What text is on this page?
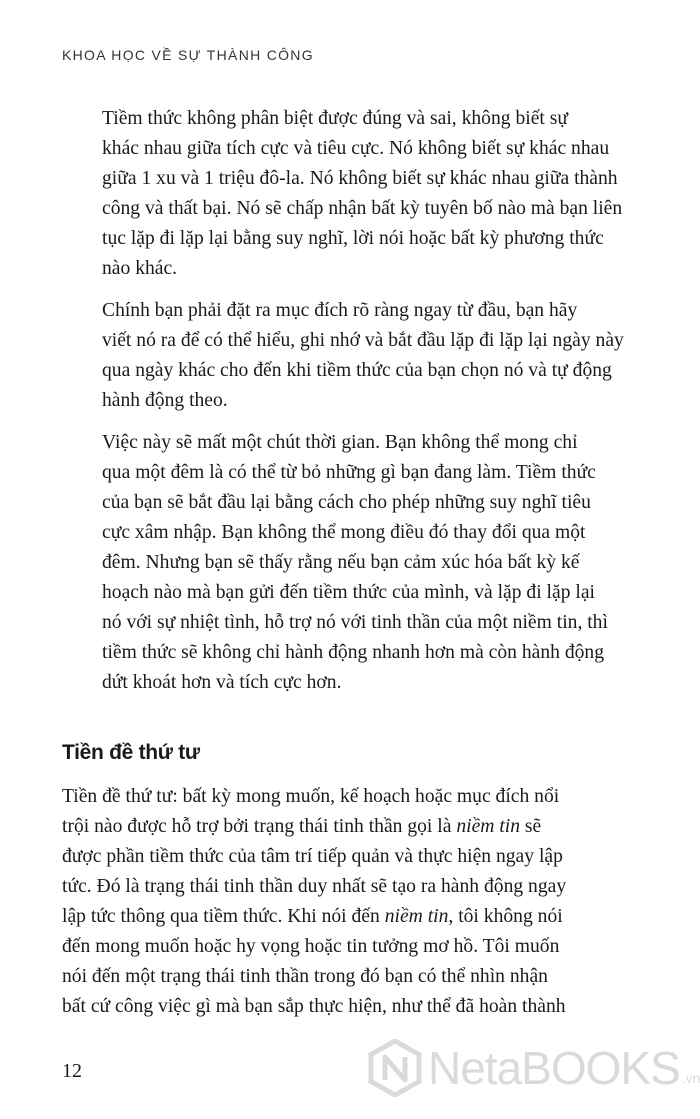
KHOA HỌC VỀ SỰ THÀNH CÔNG

Tiềm thức không phân biệt được đúng và sai, không biết sự
khác nhau giữa tích cực và tiêu cực. Nó không biết sự khác nhau
giữa 1 xu và 1 triệu đô-la. Nó không biết sự khác nhau giữa thành
công và thất bại. Nó sẽ chấp nhận bất kỳ tuyên bố nào mà bạn liên
tục lặp đi lặp lại bằng suy nghĩ, lời nói hoặc bất kỳ phương thức
nào khác.

Chính bạn phải đặt ra mục đích rõ ràng ngay từ đầu, bạn hãy
viết nó ra để có thể hiểu, ghi nhớ và bắt đầu lặp đi lặp lại ngày này
qua ngày khác cho đến khi tiềm thức của bạn chọn nó và tự động
hành động theo.

Việc này sẽ mất một chút thời gian. Bạn không thể mong chỉ
qua một đêm là có thể từ bỏ những gì bạn đang làm. Tiềm thức
của bạn sẽ bắt đầu lại bằng cách cho phép những suy nghĩ tiêu
cực xâm nhập. Bạn không thể mong điều đó thay đổi qua một
đêm. Nhưng bạn sẽ thấy rằng nếu bạn cảm xúc hóa bất kỳ kế
hoạch nào mà bạn gửi đến tiềm thức của mình, và lặp đi lặp lại
nó với sự nhiệt tình, hỗ trợ nó với tinh thần của một niềm tin, thì
tiềm thức sẽ không chỉ hành động nhanh hơn mà còn hành động
dứt khoát hơn và tích cực hơn.

Tiền đề thứ tư

Tiền đề thứ tư: bất kỳ mong muốn, kế hoạch hoặc mục đích nổi
trội nào được hỗ trợ bởi trạng thái tinh thần gọi là niềm tin sẽ
được phần tiềm thức của tâm trí tiếp quản và thực hiện ngay lập
tức. Đó là trạng thái tinh thần duy nhất sẽ tạo ra hành động ngay
lập tức thông qua tiềm thức. Khi nói đến niềm tin, tôi không nói
đến mong muốn hoặc hy vọng hoặc tin tưởng mơ hồ. Tôi muốn
nói đến một trạng thái tinh thần trong đó bạn có thể nhìn nhận
bất cứ công việc gì mà bạn sắp thực hiện, như thể đã hoàn thành

12	NetaBOOKS .vn
